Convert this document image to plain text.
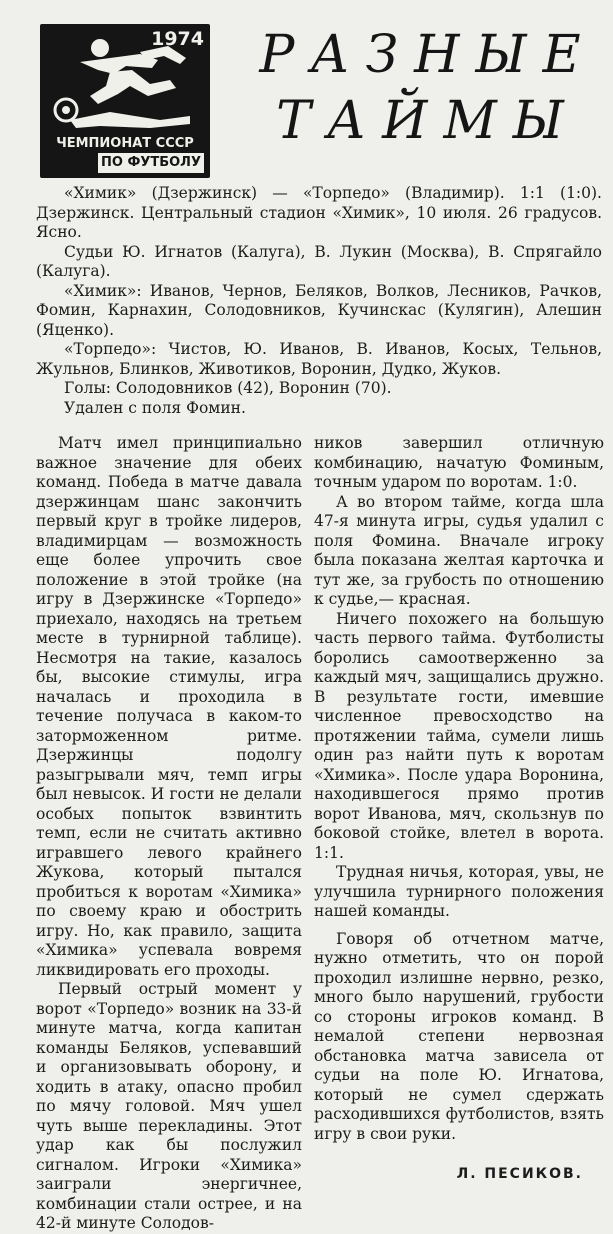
1974
ЧЕМПИОНАТ СССР
ПО ФУТБОЛУ
РАЗНЫЕ
ТАЙМЫ

«Химик» (Дзержинск) — «Торпедо» (Владимир). 1:1 (1:0). Дзержинск. Центральный стадион «Химик», 10 июля. 26 градусов. Ясно.

Судьи Ю. Игнатов (Калуга), В. Лукин (Москва), В. Спрягайло (Калуга).

«Химик»: Иванов, Чернов, Беляков, Волков, Лесников, Рачков, Фомин, Карнахин, Солодовников, Кучинскас (Кулягин), Алешин (Яценко).

«Торпедо»: Чистов, Ю. Иванов, В. Иванов, Косых, Тельнов, Жульнов, Блинков, Животиков, Воронин, Дудко, Жуков.

Голы: Солодовников (42), Воронин (70).

Удален с поля Фомин.

Матч имел принципиально важное значение для обеих команд. Победа в матче давала дзержинцам шанс закончить первый круг в тройке лидеров, владимирцам — возможность еще более упрочить свое положение в этой тройке (на игру в Дзержинске «Торпедо» приехало, находясь на третьем месте в турнирной таблице). Несмотря на такие, казалось бы, высокие стимулы, игра началась и проходила в течение получаса в каком-то заторможенном ритме. Дзержинцы подолгу разыгрывали мяч, темп игры был невысок. И гости не делали особых попыток взвинтить темп, если не считать активно игравшего левого крайнего Жукова, который пытался пробиться к воротам «Химика» по своему краю и обострить игру. Но, как правило, защита «Химика» успевала вовремя ликвидировать его проходы.

Первый острый момент у ворот «Торпедо» возник на 33-й минуте матча, когда капитан команды Беляков, успевавший и организовывать оборону, и ходить в атаку, опасно пробил по мячу головой. Мяч ушел чуть выше перекладины. Этот удар как бы послужил сигналом. Игроки «Химика» заиграли энергичнее, комбинации стали острее, и на 42-й минуте Солодов-

ников завершил отличную комбинацию, начатую Фоминым, точным ударом по воротам. 1:0.

А во втором тайме, когда шла 47-я минута игры, судья удалил с поля Фомина. Вначале игроку была показана желтая карточка и тут же, за грубость по отношению к судье,— красная.

Ничего похожего на большую часть первого тайма. Футболисты боролись самоотверженно за каждый мяч, защищались дружно. В результате гости, имевшие численное превосходство на протяжении тайма, сумели лишь один раз найти путь к воротам «Химика». После удара Воронина, находившегося прямо против ворот Иванова, мяч, скользнув по боковой стойке, влетел в ворота. 1:1.

Трудная ничья, которая, увы, не улучшила турнирного положения нашей команды.

Говоря об отчетном матче, нужно отметить, что он порой проходил излишне нервно, резко, много было нарушений, грубости со стороны игроков команд. В немалой степени нервозная обстановка матча зависела от судьи на поле Ю. Игнатова, который не сумел сдержать расходившихся футболистов, взять игру в свои руки.

Л. ПЕСИКОВ.
